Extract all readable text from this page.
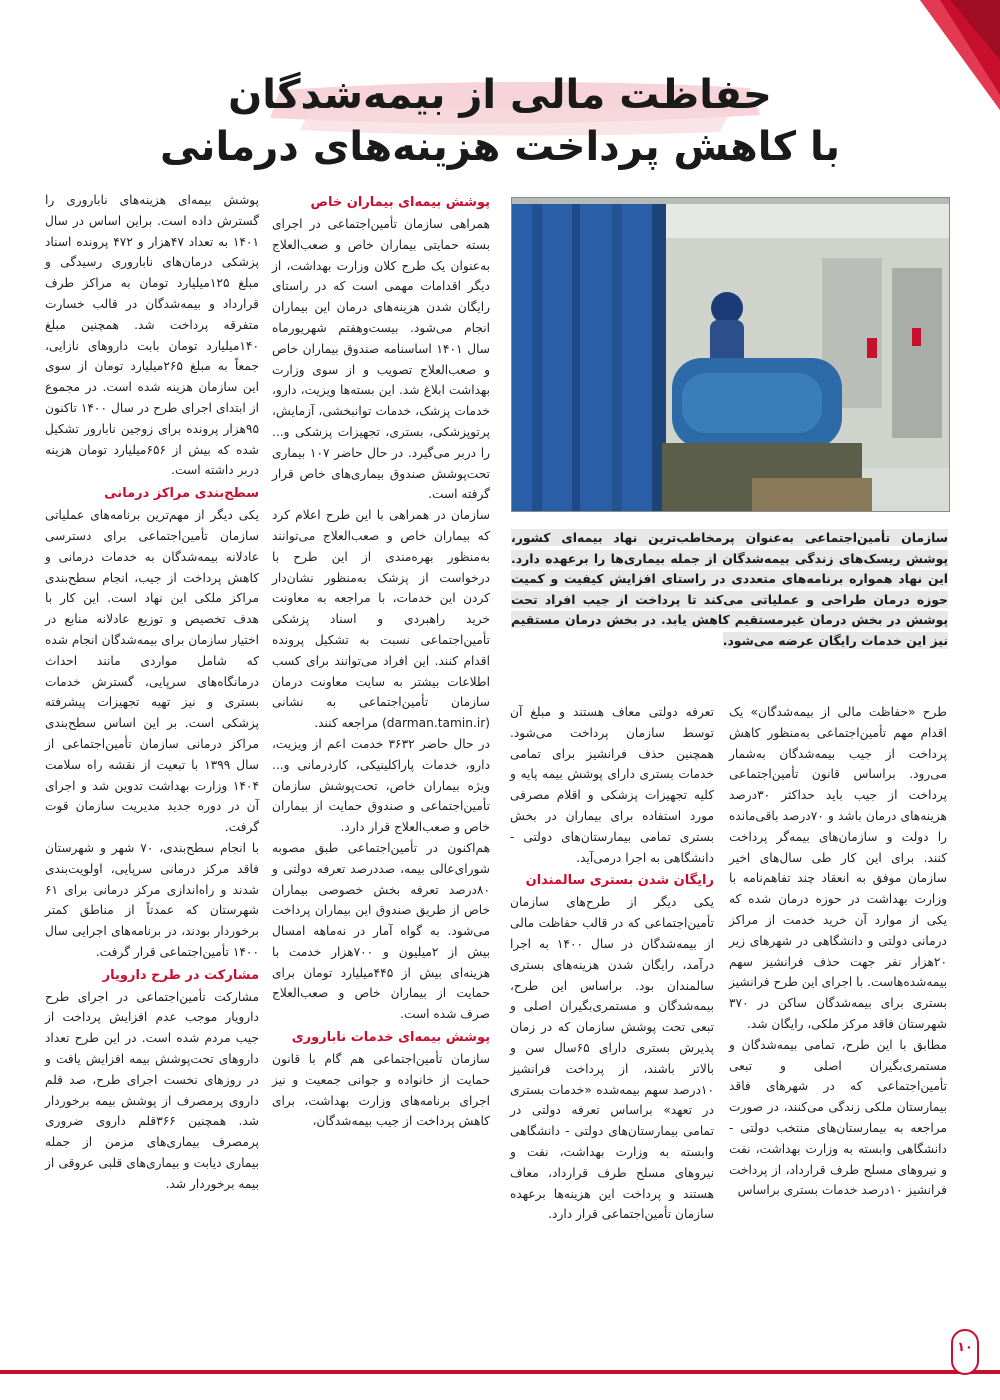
حفاظت مالی از بیمه‌شدگان
با کاهش پرداخت هزینه‌های درمانی
سازمان تأمین‌اجتماعی به‌عنوان پرمخاطب‌ترین نهاد بیمه‌ای کشور، پوشش ریسک‌های زندگی بیمه‌شدگان از جمله بیماری‌ها را برعهده دارد. این نهاد همواره برنامه‌های متعددی در راستای افزایش کیفیت و کمیت حوزه درمان طراحی و عملیاتی می‌کند تا پرداخت از جیب افراد تحت پوشش در بخش درمان غیرمستقیم کاهش یابد. در بخش درمان مستقیم نیز این خدمات رایگان عرضه می‌شود.

طرح «حفاظت مالی از بیمه‌شدگان» یک اقدام مهم تأمین‌اجتماعی به‌منظور کاهش پرداخت از جیب بیمه‌شدگان به‌شمار می‌رود. براساس قانون تأمین‌اجتماعی پرداخت از جیب باید حداکثر ۳۰درصد هزینه‌های درمان باشد و ۷۰درصد باقی‌مانده را دولت و سازمان‌های بیمه‌گر پرداخت کنند. برای این کار طی سال‌های اخیر سازمان موفق به انعقاد چند تفاهم‌نامه با وزارت بهداشت در حوزه درمان شده که یکی از موارد آن خرید خدمت از مراکز درمانی دولتی و دانشگاهی در شهرهای زیر ۲۰هزار نفر جهت حذف فرانشیز سهم بیمه‌شده‌هاست. با اجرای این طرح فرانشیز بستری برای بیمه‌شدگان ساکن در ۳۷۰ شهرستان فاقد مرکز ملکی، رایگان شد.

مطابق با این طرح، تمامی بیمه‌شدگان و مستمری‌بگیران اصلی و تبعی تأمین‌اجتماعی که در شهرهای فاقد بیمارستان ملکی زندگی می‌کنند، در صورت مراجعه به بیمارستان‌های منتخب دولتی - دانشگاهی وابسته به وزارت بهداشت، نفت و نیروهای مسلح طرف قرارداد، از پرداخت فرانشیز ۱۰درصد خدمات بستری براساس

تعرفه دولتی معاف هستند و مبلغ آن توسط سازمان پرداخت می‌شود. همچنین حذف فرانشیز برای تمامی خدمات بستری دارای پوشش بیمه پایه و کلیه تجهیزات پزشکی و اقلام مصرفی مورد استفاده برای بیماران در بخش بستری تمامی بیمارستان‌های دولتی - دانشگاهی به اجرا درمی‌آید.

رایگان شدن بستری سالمندان

یکی دیگر از طرح‌های سازمان تأمین‌اجتماعی که در قالب حفاظت مالی از بیمه‌شدگان در سال ۱۴۰۰ به اجرا درآمد، رایگان شدن هزینه‌های بستری سالمندان بود. براساس این طرح، بیمه‌شدگان و مستمری‌بگیران اصلی و تبعی تحت پوشش سازمان که در زمان پذیرش بستری دارای ۶۵سال سن و بالاتر باشند، از پرداخت فرانشیز ۱۰درصد سهم بیمه‌شده «خدمات بستری در تعهد» براساس تعرفه دولتی در تمامی بیمارستان‌های دولتی - دانشگاهی وابسته به وزارت بهداشت، نفت و نیروهای مسلح طرف قرارداد، معاف هستند و پرداخت این هزینه‌ها برعهده سازمان تأمین‌اجتماعی قرار دارد.

پوشش بیمه‌ای بیماران خاص

همراهی سازمان تأمین‌اجتماعی در اجرای بسته حمایتی بیماران خاص و صعب‌العلاج به‌عنوان یک طرح کلان وزارت بهداشت، از دیگر اقدامات مهمی است که در راستای رایگان شدن هزینه‌های درمان این بیماران انجام می‌شود. بیست‌وهفتم شهریورماه سال ۱۴۰۱ اساسنامه صندوق بیماران خاص و صعب‌العلاج تصویب و از سوی وزارت بهداشت ابلاغ شد. این بسته‌ها ویزیت، دارو، خدمات پزشک، خدمات توانبخشی، آزمایش، پرتوپزشکی، بستری، تجهیزات پزشکی و... را دربر می‌گیرد. در حال حاضر ۱۰۷ بیماری تحت‌پوشش صندوق بیماری‌های خاص قرار گرفته است.

سازمان در همراهی با این طرح اعلام کرد که بیماران خاص و صعب‌العلاج می‌توانند به‌منظور بهره‌مندی از این طرح با درخواست از پزشک به‌منظور نشان‌دار کردن این خدمات، با مراجعه به معاونت خرید راهبردی و اسناد پزشکی تأمین‌اجتماعی نسبت به تشکیل پرونده اقدام کنند. این افراد می‌توانند برای کسب اطلاعات بیشتر به سایت معاونت درمان سازمان تأمین‌اجتماعی به نشانی (darman.tamin.ir) مراجعه کنند.

در حال حاضر ۳۶۳۲ خدمت اعم از ویزیت، دارو، خدمات پاراکلینیکی، کاردرمانی و... ویژه بیماران خاص، تحت‌پوشش سازمان تأمین‌اجتماعی و صندوق حمایت از بیماران خاص و صعب‌العلاج قرار دارد.

هم‌اکنون در تأمین‌اجتماعی طبق مصوبه شورای‌عالی بیمه، صددرصد تعرفه دولتی و ۸۰درصد تعرفه بخش خصوصی بیماران خاص از طریق صندوق این بیماران پرداخت می‌شود. به گواه آمار در نه‌ماهه امسال بیش از ۲میلیون و ۷۰۰هزار خدمت با هزینه‌ای بیش از ۴۴۵میلیارد تومان برای حمایت از بیماران خاص و صعب‌العلاج صرف شده است.

پوشش بیمه‌ای خدمات ناباروری

سازمان تأمین‌اجتماعی هم گام با قانون حمایت از خانواده و جوانی جمعیت و نیز اجرای برنامه‌های وزارت بهداشت، برای کاهش پرداخت از جیب بیمه‌شدگان،

پوشش بیمه‌ای هزینه‌های ناباروری را گسترش داده است. براین اساس در سال ۱۴۰۱ به تعداد ۴۷هزار و ۴۷۲ پرونده اسناد پزشکی درمان‌های ناباروری رسیدگی و مبلغ ۱۲۵میلیارد تومان به مراکز طرف قرارداد و بیمه‌شدگان در قالب خسارت متفرقه پرداخت شد. همچنین مبلغ ۱۴۰میلیارد تومان بابت داروهای نازایی، جمعاً به مبلغ ۲۶۵میلیارد تومان از سوی این سازمان هزینه شده است. در مجموع از ابتدای اجرای طرح در سال ۱۴۰۰ تاکنون ۹۵هزار پرونده برای زوجین نابارور تشکیل شده که بیش از ۶۵۶میلیارد تومان هزینه دربر داشته است.

سطح‌بندی مراکز درمانی

یکی دیگر از مهم‌ترین برنامه‌های عملیاتی سازمان تأمین‌اجتماعی برای دسترسی عادلانه بیمه‌شدگان به خدمات درمانی و کاهش پرداخت از جیب، انجام سطح‌بندی مراکز ملکی این نهاد است. این کار با هدف تخصیص و توزیع عادلانه منابع در اختیار سازمان برای بیمه‌شدگان انجام شده که شامل مواردی مانند احداث درمانگاه‌های سرپایی، گسترش خدمات بستری و نیز تهیه تجهیزات پیشرفته پزشکی است. بر این اساس سطح‌بندی مراکز درمانی سازمان تأمین‌اجتماعی از سال ۱۳۹۹ با تبعیت از نقشه راه سلامت ۱۴۰۴ وزارت بهداشت تدوین شد و اجرای آن در دوره جدید مدیریت سازمان قوت گرفت.

با انجام سطح‌بندی، ۷۰ شهر و شهرستان فاقد مرکز درمانی سرپایی، اولویت‌بندی شدند و راه‌اندازی مرکز درمانی برای ۶۱ شهرستان که عمدتاً از مناطق کمتر برخوردار بودند، در برنامه‌های اجرایی سال ۱۴۰۰ تأمین‌اجتماعی قرار گرفت.

مشارکت در طرح دارویار

مشارکت تأمین‌اجتماعی در اجرای طرح دارویار موجب عدم افزایش پرداخت از جیب مردم شده است. در این طرح تعداد داروهای تحت‌پوشش بیمه افزایش یافت و در روزهای نخست اجرای طرح، صد قلم داروی پرمصرف از پوشش بیمه برخوردار شد. همچنین ۳۶۶قلم داروی ضروری پرمصرف بیماری‌های مزمن از جمله بیماری دیابت و بیماری‌های قلبی عروقی از بیمه برخوردار شد.

۱۰
